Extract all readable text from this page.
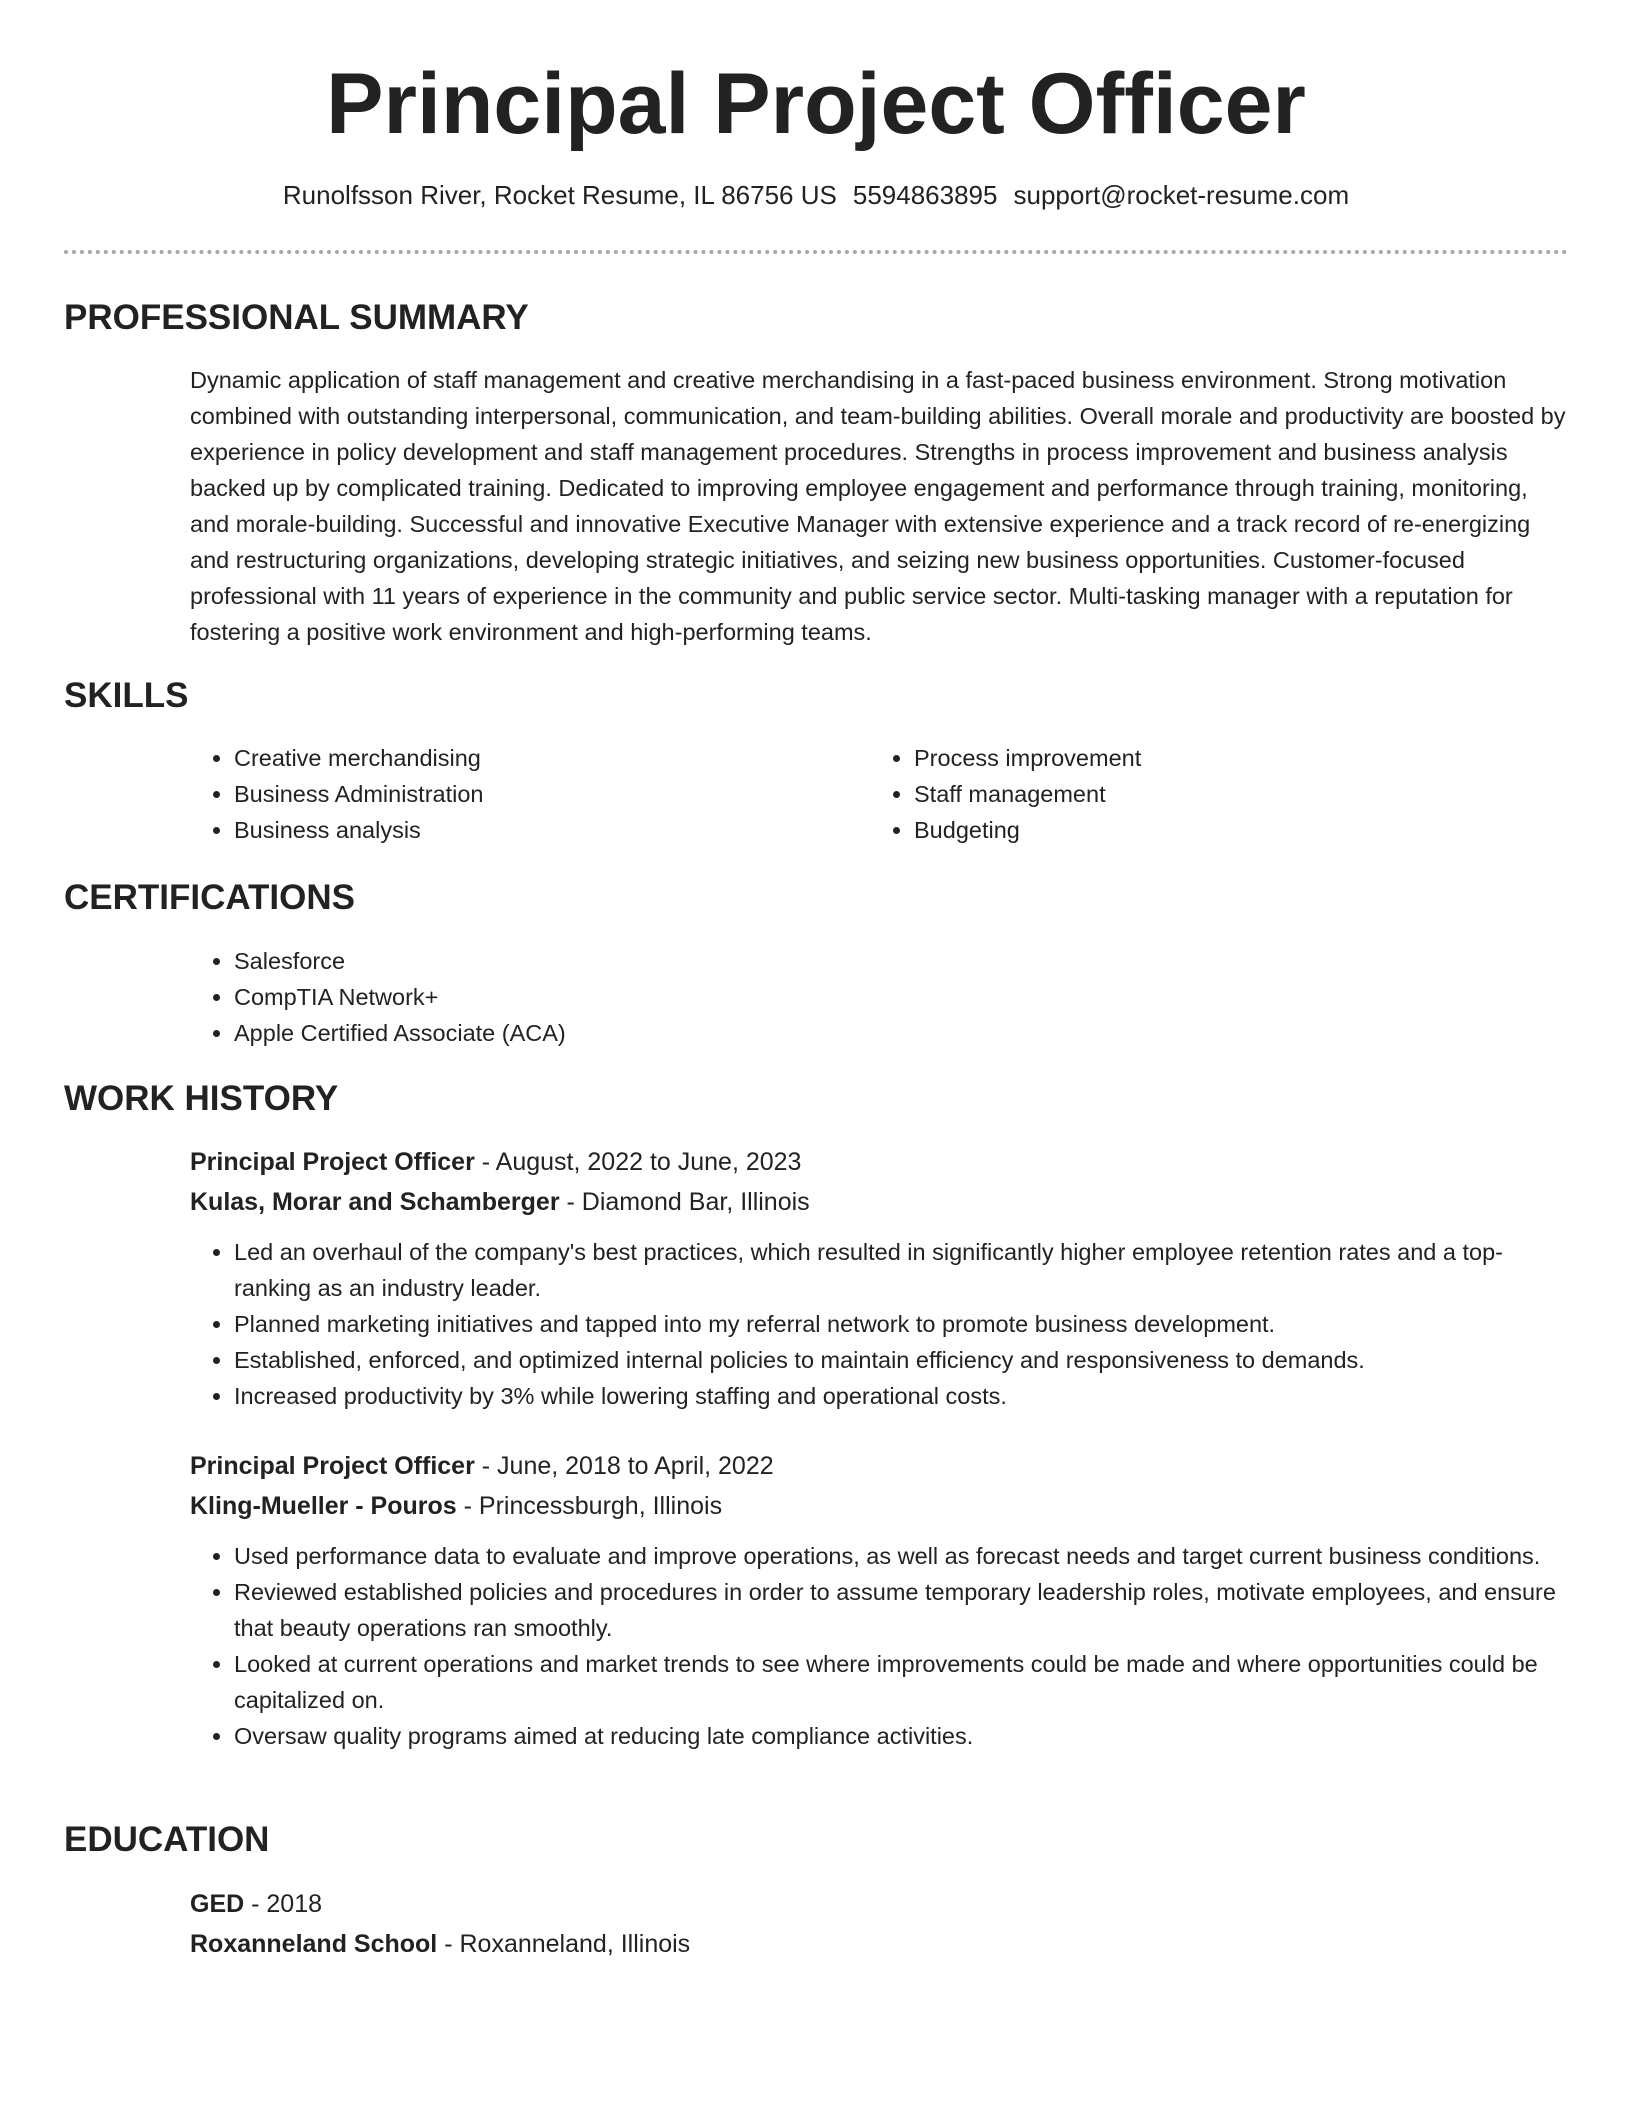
Principal Project Officer
Runolfsson River, Rocket Resume, IL 86756 US 5594863895 support@rocket-resume.com
PROFESSIONAL SUMMARY

Dynamic application of staff management and creative merchandising in a fast-paced business environment. Strong motivation combined with outstanding interpersonal, communication, and team-building abilities. Overall morale and productivity are boosted by experience in policy development and staff management procedures. Strengths in process improvement and business analysis backed up by complicated training. Dedicated to improving employee engagement and performance through training, monitoring, and morale-building. Successful and innovative Executive Manager with extensive experience and a track record of re-energizing and restructuring organizations, developing strategic initiatives, and seizing new business opportunities. Customer-focused professional with 11 years of experience in the community and public service sector. Multi-tasking manager with a reputation for fostering a positive work environment and high-performing teams.

SKILLS
• Creative merchandising
• Business Administration
• Business analysis
• Process improvement
• Staff management
• Budgeting
CERTIFICATIONS
• Salesforce
• CompTIA Network+
• Apple Certified Associate (ACA)
WORK HISTORY

Principal Project Officer - August, 2022 to June, 2023

Kulas, Morar and Schamberger - Diamond Bar, Illinois

• Led an overhaul of the company's best practices, which resulted in significantly higher employee retention rates and a top-ranking as an industry leader.
• Planned marketing initiatives and tapped into my referral network to promote business development.
• Established, enforced, and optimized internal policies to maintain efficiency and responsiveness to demands.
• Increased productivity by 3% while lowering staffing and operational costs.

Principal Project Officer - June, 2018 to April, 2022

Kling-Mueller - Pouros - Princessburgh, Illinois

• Used performance data to evaluate and improve operations, as well as forecast needs and target current business conditions.
• Reviewed established policies and procedures in order to assume temporary leadership roles, motivate employees, and ensure that beauty operations ran smoothly.
• Looked at current operations and market trends to see where improvements could be made and where opportunities could be capitalized on.
• Oversaw quality programs aimed at reducing late compliance activities.
EDUCATION

GED - 2018

Roxanneland School - Roxanneland, Illinois
